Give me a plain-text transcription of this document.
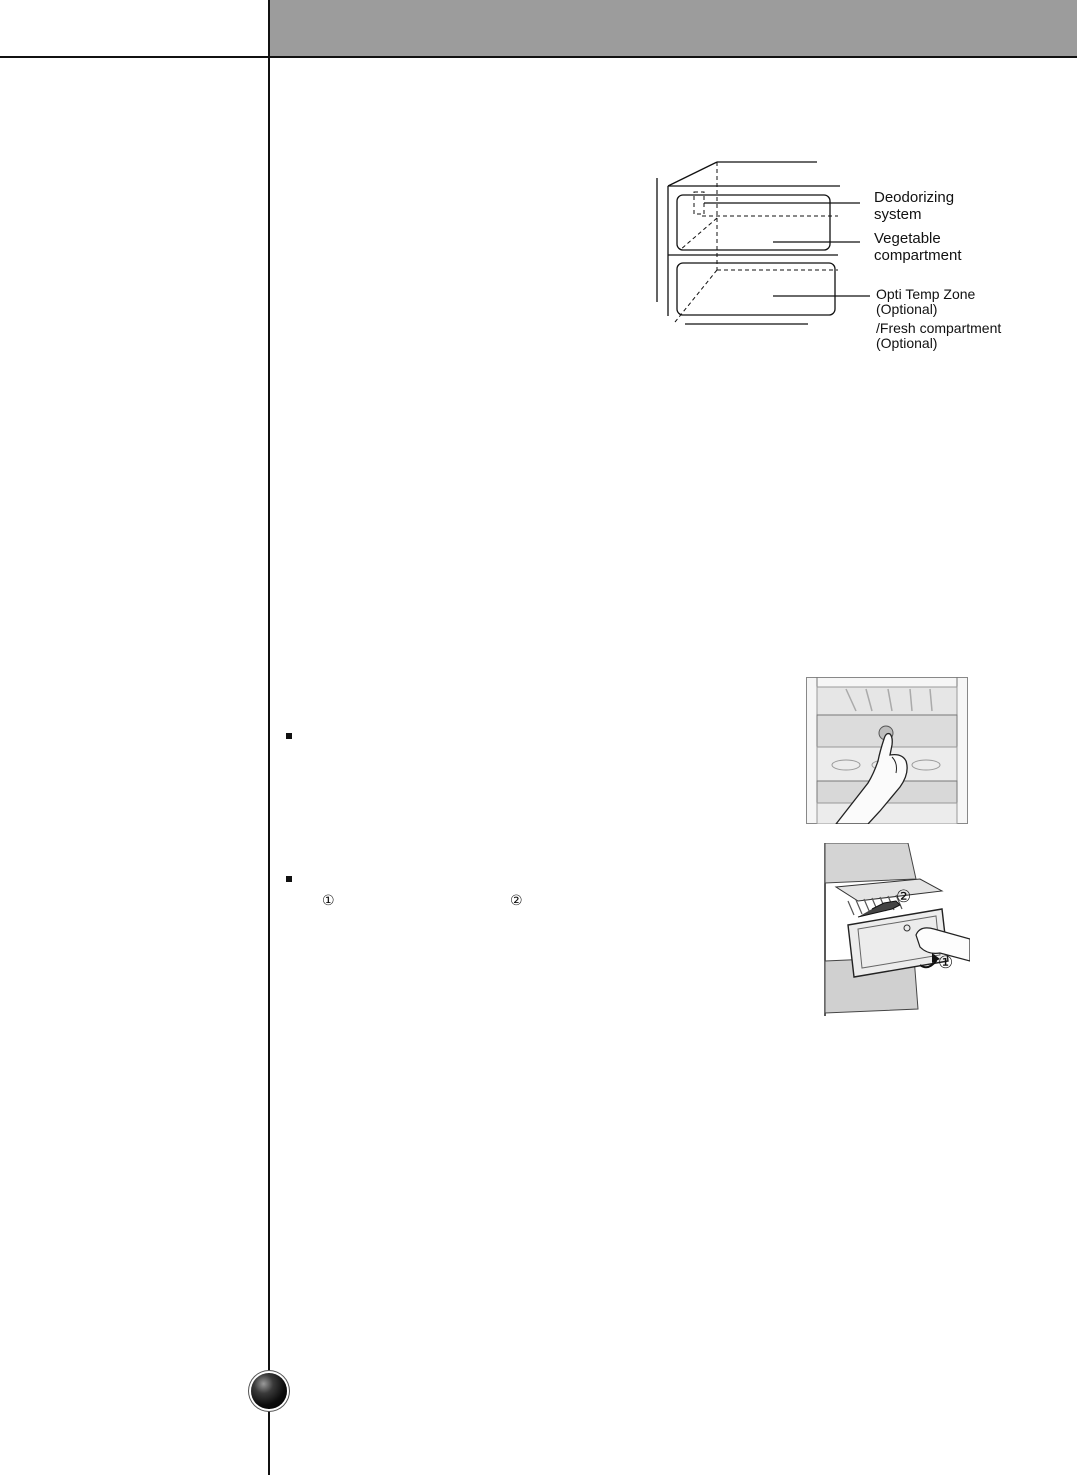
Deodorizing
system
Vegetable
compartment
Opti Temp Zone
(Optional)
/Fresh compartment
(Optional)
②
①
①	②
